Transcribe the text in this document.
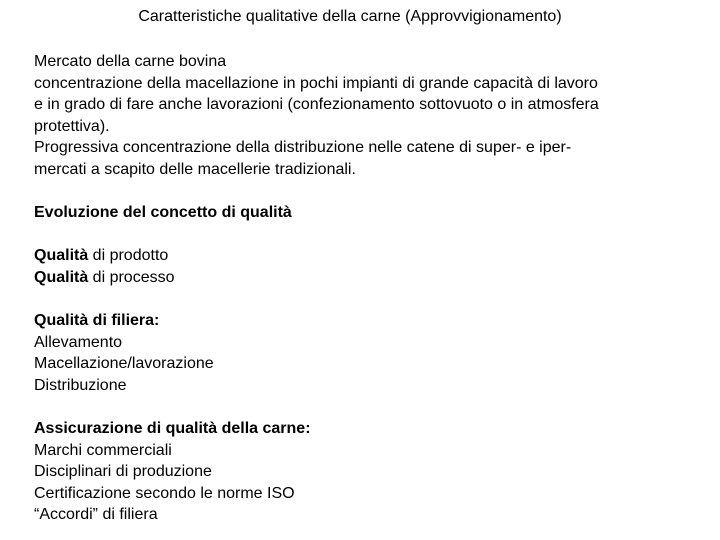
Caratteristiche qualitative della carne (Approvvigionamento)
Mercato della carne bovina
concentrazione della macellazione in pochi impianti di grande capacità di lavoro
e in grado di fare anche lavorazioni (confezionamento sottovuoto o in atmosfera
protettiva).
Progressiva concentrazione della distribuzione nelle catene di super- e iper-
mercati a scapito delle macellerie tradizionali.
Evoluzione del concetto di qualità
Qualità di prodotto
Qualità di processo
Qualità di filiera:
Allevamento
Macellazione/lavorazione
Distribuzione
Assicurazione di qualità della carne:
Marchi commerciali
Disciplinari di produzione
Certificazione secondo le norme ISO
“Accordi” di filiera
